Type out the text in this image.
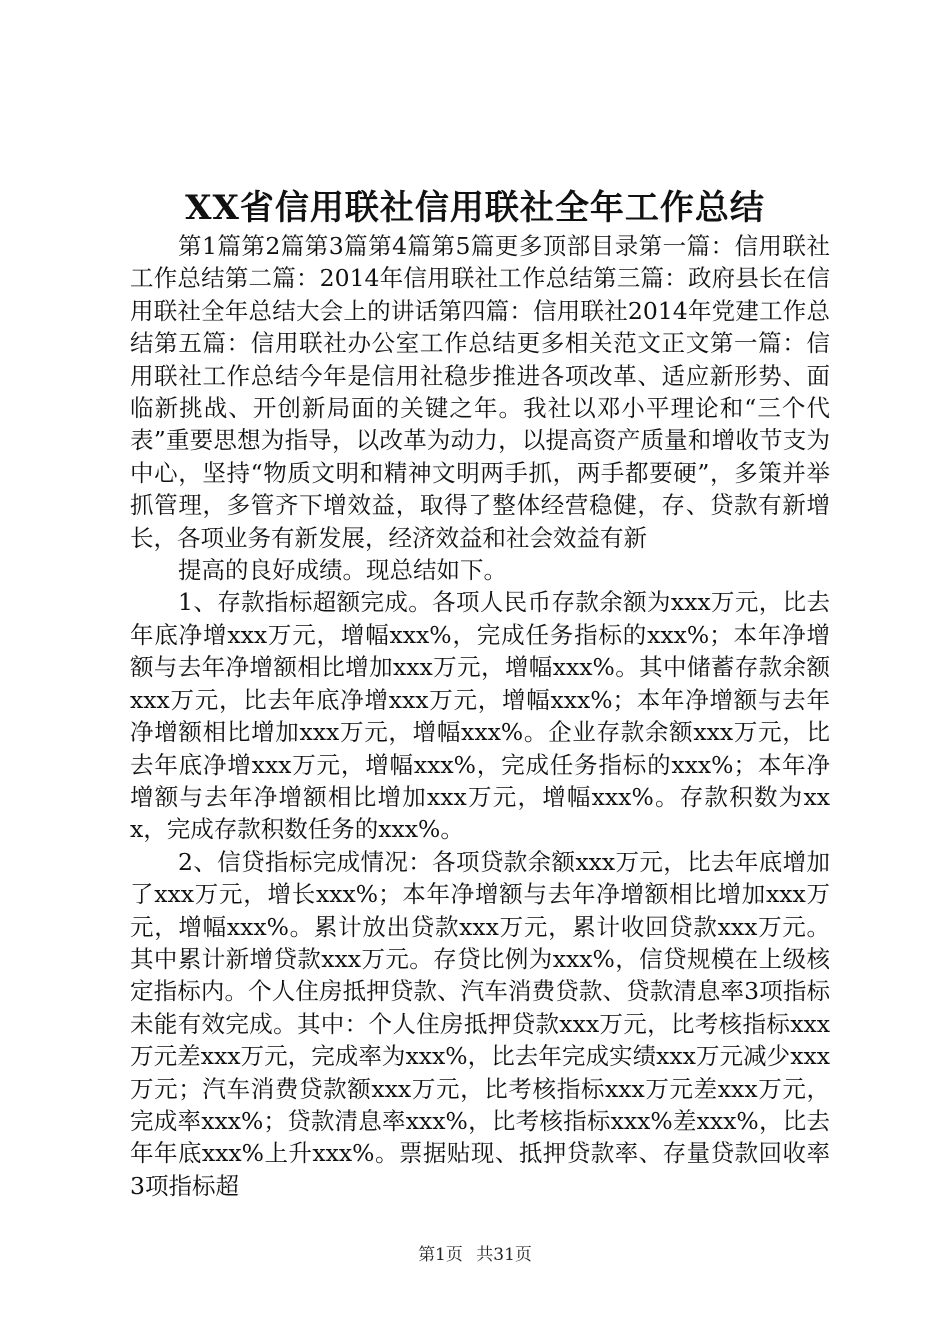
XX省信用联社信用联社全年工作总结

第1篇第2篇第3篇第4篇第5篇更多顶部目录第一篇：信用联社工作总结第二篇：2014年信用联社工作总结第三篇：政府县长在信用联社全年总结大会上的讲话第四篇：信用联社2014年党建工作总结第五篇：信用联社办公室工作总结更多相关范文正文第一篇：信用联社工作总结今年是信用社稳步推进各项改革、适应新形势、面临新挑战、开创新局面的关键之年。我社以邓小平理论和“三个代表”重要思想为指导，以改革为动力，以提高资产质量和增收节支为中心，坚持“物质文明和精神文明两手抓，两手都要硬”，多策并举抓管理，多管齐下增效益，取得了整体经营稳健，存、贷款有新增长，各项业务有新发展，经济效益和社会效益有新

提高的良好成绩。现总结如下。

1、存款指标超额完成。各项人民币存款余额为xxx万元，比去年底净增xxx万元，增幅xxx%，完成任务指标的xxx%；本年净增额与去年净增额相比增加xxx万元，增幅xxx%。其中储蓄存款余额xxx万元，比去年底净增xxx万元，增幅xxx%；本年净增额与去年净增额相比增加xxx万元，增幅xxx%。企业存款余额xxx万元，比去年底净增xxx万元，增幅xxx%，完成任务指标的xxx%；本年净增额与去年净增额相比增加xxx万元，增幅xxx%。存款积数为xxx，完成存款积数任务的xxx%。

2、信贷指标完成情况：各项贷款余额xxx万元，比去年底增加了xxx万元，增长xxx%；本年净增额与去年净增额相比增加xxx万元，增幅xxx%。累计放出贷款xxx万元，累计收回贷款xxx万元。其中累计新增贷款xxx万元。存贷比例为xxx%，信贷规模在上级核定指标内。个人住房抵押贷款、汽车消费贷款、贷款清息率3项指标未能有效完成。其中：个人住房抵押贷款xxx万元，比考核指标xxx万元差xxx万元，完成率为xxx%，比去年完成实绩xxx万元减少xxx万元；汽车消费贷款额xxx万元，比考核指标xxx万元差xxx万元，完成率xxx%；贷款清息率xxx%，比考核指标xxx%差xxx%，比去年年底xxx%上升xxx%。票据贴现、抵押贷款率、存量贷款回收率3项指标超

第1页 共31页
